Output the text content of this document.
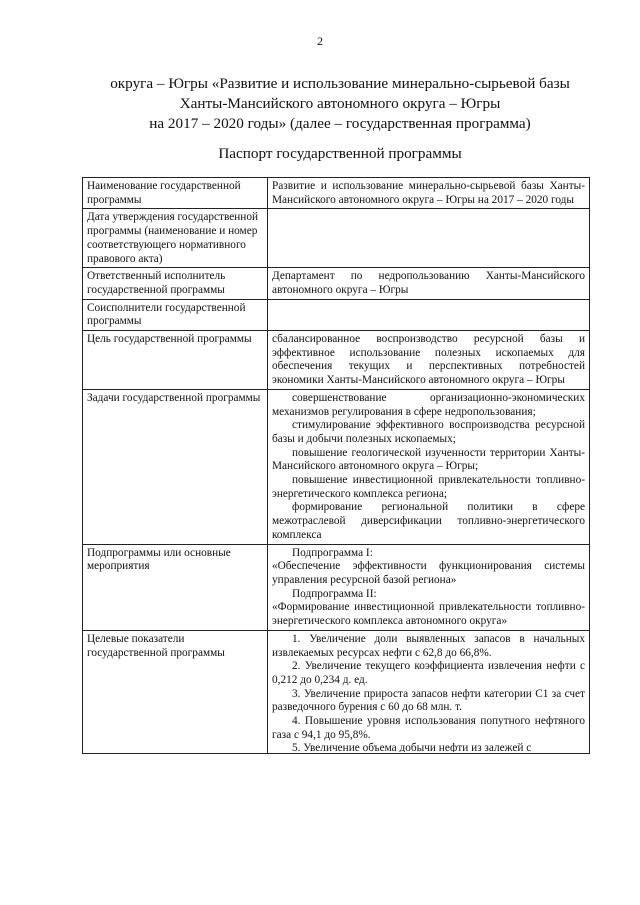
2
округа – Югры «Развитие и использование минерально-сырьевой базы
Ханты-Мансийского автономного округа – Югры
на 2017 – 2020 годы» (далее – государственная программа)
Паспорт государственной программы
Наименование государственной программы	Развитие и использование минерально-сырьевой базы Ханты-Мансийского автономного округа – Югры на 2017 – 2020 годы
Дата утверждения государственной программы (наименование и номер соответствующего нормативного правового акта)	
Ответственный исполнитель государственной программы	Департамент по недропользованию Ханты-Мансийского автономного округа – Югры
Соисполнители государственной программы	
Цель государственной программы	сбалансированное воспроизводство ресурсной базы и эффективное использование полезных ископаемых для обеспечения текущих и перспективных потребностей экономики Ханты-Мансийского автономного округа – Югры
Задачи государственной программы	совершенствование организационно-экономических механизмов регулирования в сфере недропользования;
стимулирование эффективного воспроизводства ресурсной базы и добычи полезных ископаемых;
повышение геологической изученности территории Ханты-Мансийского автономного округа – Югры;
повышение инвестиционной привлекательности топливно-энергетического комплекса региона;
формирование региональной политики в сфере межотраслевой диверсификации топливно-энергетического комплекса

Подпрограммы или основные мероприятия	Подпрограмма I:
«Обеспечение эффективности функционирования системы управления ресурсной базой региона»
Подпрограмма II:
«Формирование инвестиционной привлекательности топливно-энергетического комплекса автономного округа»

Целевые показатели государственной программы	1. Увеличение доли выявленных запасов в начальных извлекаемых ресурсах нефти с 62,8 до 66,8%.
2. Увеличение текущего коэффициента извлечения нефти с 0,212 до 0,234 д. ед.
3. Увеличение прироста запасов нефти категории С1 за счет разведочного бурения с 60 до 68 млн. т.
4. Повышение уровня использования попутного нефтяного газа с 94,1 до 95,8%.
5. Увеличение объема добычи нефти из залежей с
